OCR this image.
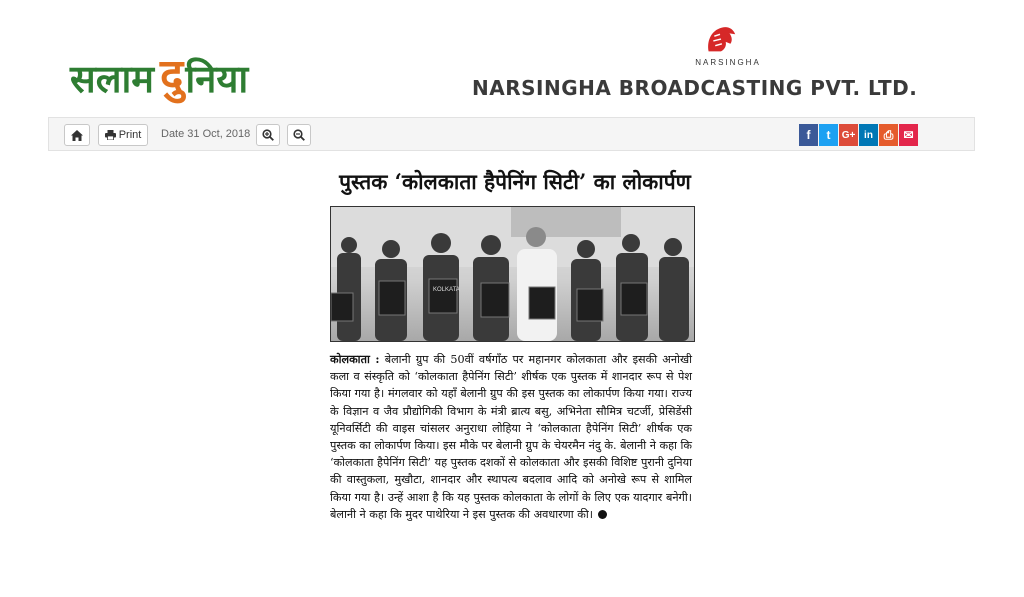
सलाम दु निया	NARSINGHA
NARSINGHA BROADCASTING PVT. LTD.
Print Date 31 Oct, 2018	f t G+ in ⎙ ✉
पुस्तक ‘कोलकाता हैपेनिंग सिटी’ का लोकार्पण
KOLKATA
कोलकाता : बेलानी ग्रुप की 50वीं वर्षगाँठ पर महानगर कोलकाता और इसकी अनोखी कला व संस्कृति को ‘कोलकाता हैपेनिंग सिटी’ शीर्षक एक पुस्तक में शानदार रूप से पेश किया गया है। मंगलवार को यहाँ बेलानी ग्रुप की इस पुस्तक का लोकार्पण किया गया। राज्य के विज्ञान व जैव प्रौद्योगिकी विभाग के मंत्री ब्रात्य बसु, अभिनेता सौमित्र चटर्जी, प्रेसिडेंसी यूनिवर्सिटी की वाइस चांसलर अनुराधा लोहिया ने ‘कोलकाता हैपेनिंग सिटी’ शीर्षक एक पुस्तक का लोकार्पण किया। इस मौके पर बेलानी ग्रुप के चेयरमैन नंदु के. बेलानी ने कहा कि ‘कोलकाता हैपेनिंग सिटी’ यह पुस्तक दशकों से कोलकाता और इसकी विशिष्ट पुरानी दुनिया की वास्तुकला, मुखौटा, शानदार और स्थापत्य बदलाव आदि को अनोखे रूप से शामिल किया गया है। उन्हें आशा है कि यह पुस्तक कोलकाता के लोगों के लिए एक यादगार बनेगी। बेलानी ने कहा कि मुदर पाथेरिया ने इस पुस्तक की अवधारणा की।
